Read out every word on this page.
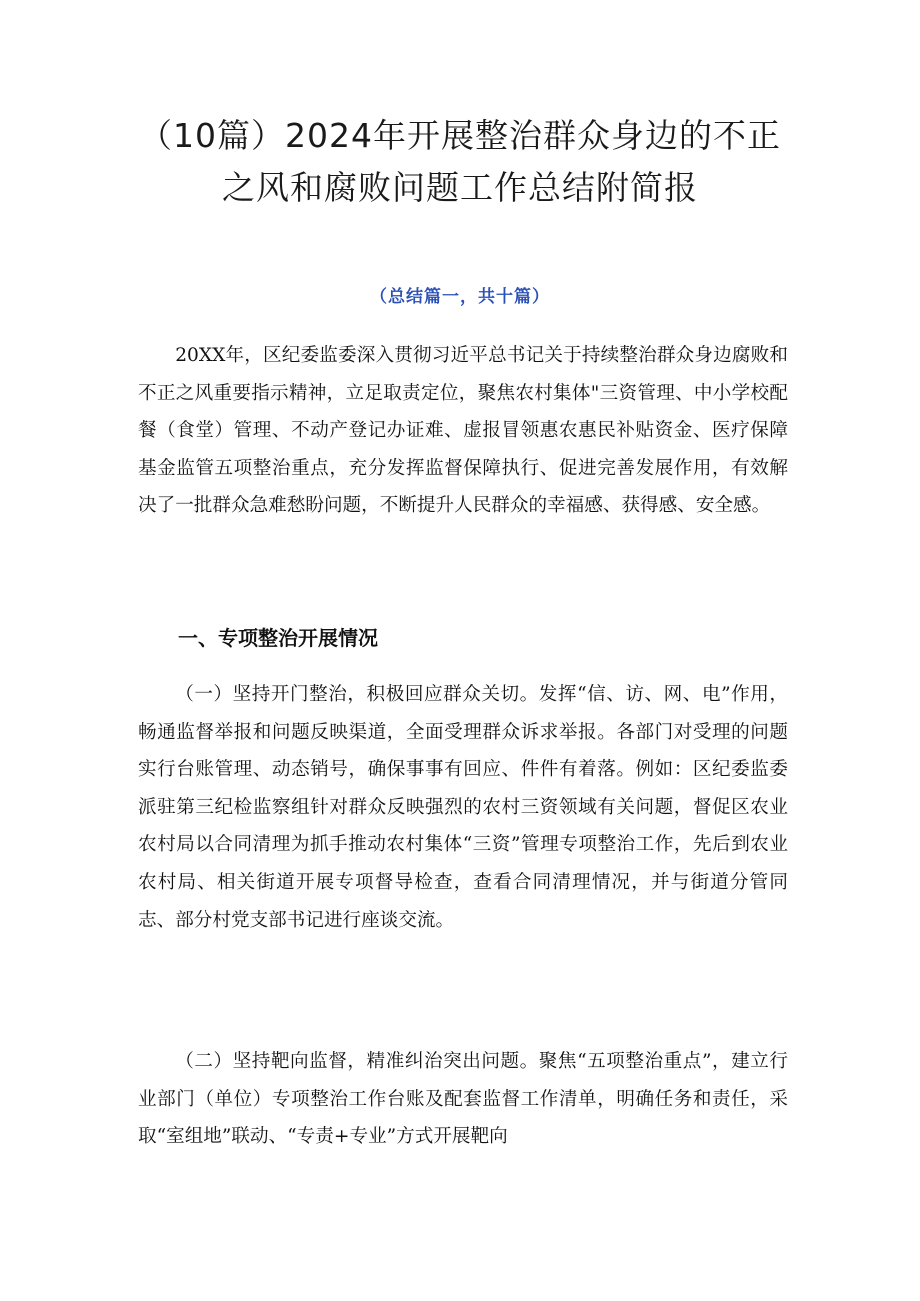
（10篇）2024年开展整治群众身边的不正
之风和腐败问题工作总结附简报
（总结篇一，共十篇）

20XX年，区纪委监委深入贯彻习近平总书记关于持续整治群众身边腐败和不正之风重要指示精神，立足取责定位，聚焦农村集体"三资管理、中小学校配餐（食堂）管理、不动产登记办证难、虚报冒领惠农惠民补贴资金、医疗保障基金监管五项整治重点，充分发挥监督保障执行、促进完善发展作用，有效解决了一批群众急难愁盼问题，不断提升人民群众的幸福感、获得感、安全感。

一、专项整治开展情况

（一）坚持开门整治，积极回应群众关切。发挥“信、访、网、电”作用，畅通监督举报和问题反映渠道，全面受理群众诉求举报。各部门对受理的问题实行台账管理、动态销号，确保事事有回应、件件有着落。例如：区纪委监委派驻第三纪检监察组针对群众反映强烈的农村三资领域有关问题，督促区农业农村局以合同清理为抓手推动农村集体“三资”管理专项整治工作，先后到农业农村局、相关街道开展专项督导检查，查看合同清理情况，并与街道分管同志、部分村党支部书记进行座谈交流。

（二）坚持靶向监督，精准纠治突出问题。聚焦“五项整治重点”，建立行业部门（单位）专项整治工作台账及配套监督工作清单，明确任务和责任，采取“室组地”联动、“专责+专业”方式开展靶向
